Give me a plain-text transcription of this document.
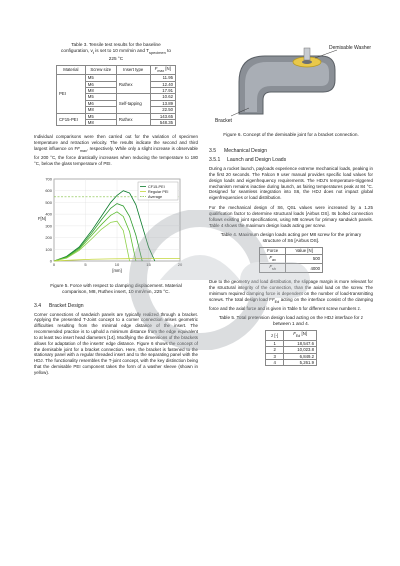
Table 3. Tensile test results for the baseline
configuration, $v_t$ is set to 10 mm/min and $T_{specimen}$ to
225 °C
Material	Screw size	Insert type	$F_{max}$ [N]
PEI	M5	Ruthex	11.95
	M6		12.40
	M8		17.91
	M5	Self-tapping	10.62
	M6		13.89
	M8		22.50
CF15-PEI	M5	Ruthex	143.65
	M8		548.35

Individual comparisons were then carried out for the variation of specimen temperature and retraction velocity. The results indicate the second and third largest influence on $FF_{max}$, respectively. While only a slight increase is observable for 200 °C, the force drastically increases when reducing the temperature to 180 °C, below the glass temperature of PEI.

0
100
200
300
400
500
600
700
0	5	10	15	20
F[N]
[mm]
CF15-PEI
Regular PEI
Average
Figure 5. Force with respect to clamping displacement. Material comparison, M8, Ruthex insert, 10 mm/min, 225 °C.
3.4 Bracket Design

Corner connections of sandwich panels are typically realized through a bracket. Applying the presented T-Joint concept to a corner connection arises geometric difficulties resulting from the minimal edge distance of the insert. The recommended practice is to uphold a minimum distance from the edge equivalent to at least two insert head diameters [14]. Modifying the dimensions of the brackets allows for adaptation of the inserts' edge distance. Figure 6 shows the concept of the demisable joint for a bracket connection. Here, the bracket is fastened to the stationary panel with a regular threaded insert and to the separating panel with the HDJ. The functionality resembles the T-joint concept, with the key distinction being that the demisable PEI component takes the form of a washer sleeve (shown in yellow).

Demisable Washer
Bracket
Figure 6. Concept of the demisable joint for a bracket connection.
3.5 Mechanical Design
3.5.1 Launch and Design Loads

During a rocket launch, payloads experience extreme mechanical loads, peaking in the first 20 seconds. The Falcon 9 user manual provides specific load values for design loads and eigenfrequency requirements. The HDJ's temperature-triggered mechanism remains inactive during launch, as fairing temperatures peak at 84 °C. Designed for seamless integration into S6, the HDJ does not impact global eigenfrequencies or load distribution.

For the mechanical design of S6, QSL values were increased by a 1.25 qualification factor to determine structural loads [Airbus DS]. Its bolted connection follows existing joint specifications, using M8 screws for primary sandwich panels. Table 4 shows the maximum design loads acting per screw.

Table 4. Maximum design loads acting per M8 screw for the primary structure of S6 [Airbus DS].
Force	Value [N]
$F_{ax}$	500
$F_{sh}$	4000

Due to the geometry and load distribution, the slippage margin is more relevant for the structural integrity of the connection, than the axial load on the screw. The minimum required clamping force is dependent on the number of load-transmitting screws. The total design load $FF_{Ed}$ acting on the interface consist of the clamping force and the axial force and is given in Table 5 for different screw numbers z.

Table 5. Total pretension design load acting on the HDJ interface for z between 1 and 4.
z [-]	$F_{Ed}$ [N]
1	18,547.6
2	10,023.8
3	6,849.2
4	5,261.9
